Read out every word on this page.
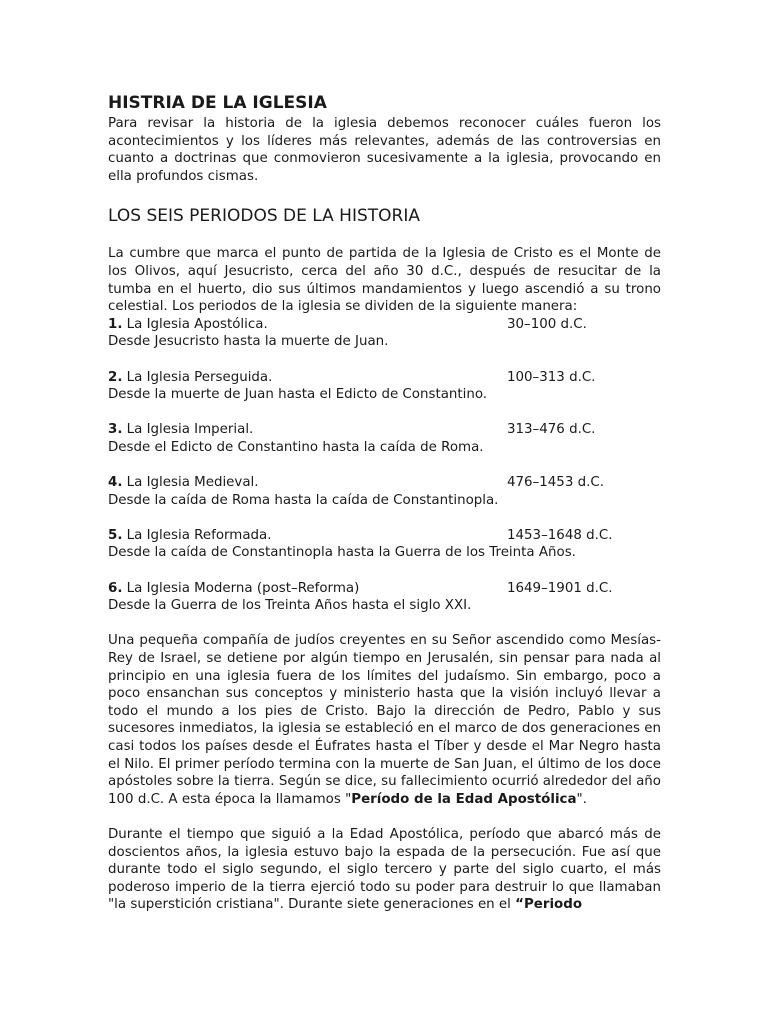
HISTRIA DE LA IGLESIA

Para revisar la historia de la iglesia debemos reconocer cuáles fueron los acontecimientos y los líderes más relevantes, además de las controversias en cuanto a doctrinas que conmovieron sucesivamente a la iglesia, provocando en ella profundos cismas.

LOS SEIS PERIODOS DE LA HISTORIA

La cumbre que marca el punto de partida de la Iglesia de Cristo es el Monte de los Olivos, aquí Jesucristo, cerca del año 30 d.C., después de resucitar de la tumba en el huerto, dio sus últimos mandamientos y luego ascendió a su trono celestial. Los periodos de la iglesia se dividen de la siguiente manera:

1. La Iglesia Apostólica.	30–100 d.C.
Desde Jesucristo hasta la muerte de Juan.
2. La Iglesia Perseguida.	100–313 d.C.
Desde la muerte de Juan hasta el Edicto de Constantino.
3. La Iglesia Imperial.	313–476 d.C.
Desde el Edicto de Constantino hasta la caída de Roma.
4. La Iglesia Medieval.	476–1453 d.C.
Desde la caída de Roma hasta la caída de Constantinopla.
5. La Iglesia Reformada.	1453–1648 d.C.
Desde la caída de Constantinopla hasta la Guerra de los Treinta Años.
6. La Iglesia Moderna (post–Reforma)	1649–1901 d.C.
Desde la Guerra de los Treinta Años hasta el siglo XXI.

Una pequeña compañía de judíos creyentes en su Señor ascendido como Mesías-Rey de Israel, se detiene por algún tiempo en Jerusalén, sin pensar para nada al principio en una iglesia fuera de los límites del judaísmo. Sin embargo, poco a poco ensanchan sus conceptos y ministerio hasta que la visión incluyó llevar a todo el mundo a los pies de Cristo. Bajo la dirección de Pedro, Pablo y sus sucesores inmediatos, la iglesia se estableció en el marco de dos generaciones en casi todos los países desde el Éufrates hasta el Tíber y desde el Mar Negro hasta el Nilo. El primer período termina con la muerte de San Juan, el último de los doce apóstoles sobre la tierra. Según se dice, su fallecimiento ocurrió alrededor del año 100 d.C. A esta época la llamamos "Período de la Edad Apostólica".

Durante el tiempo que siguió a la Edad Apostólica, período que abarcó más de doscientos años, la iglesia estuvo bajo la espada de la persecución. Fue así que durante todo el siglo segundo, el siglo tercero y parte del siglo cuarto, el más poderoso imperio de la tierra ejerció todo su poder para destruir lo que llamaban "la superstición cristiana". Durante siete generaciones en el “Periodo
